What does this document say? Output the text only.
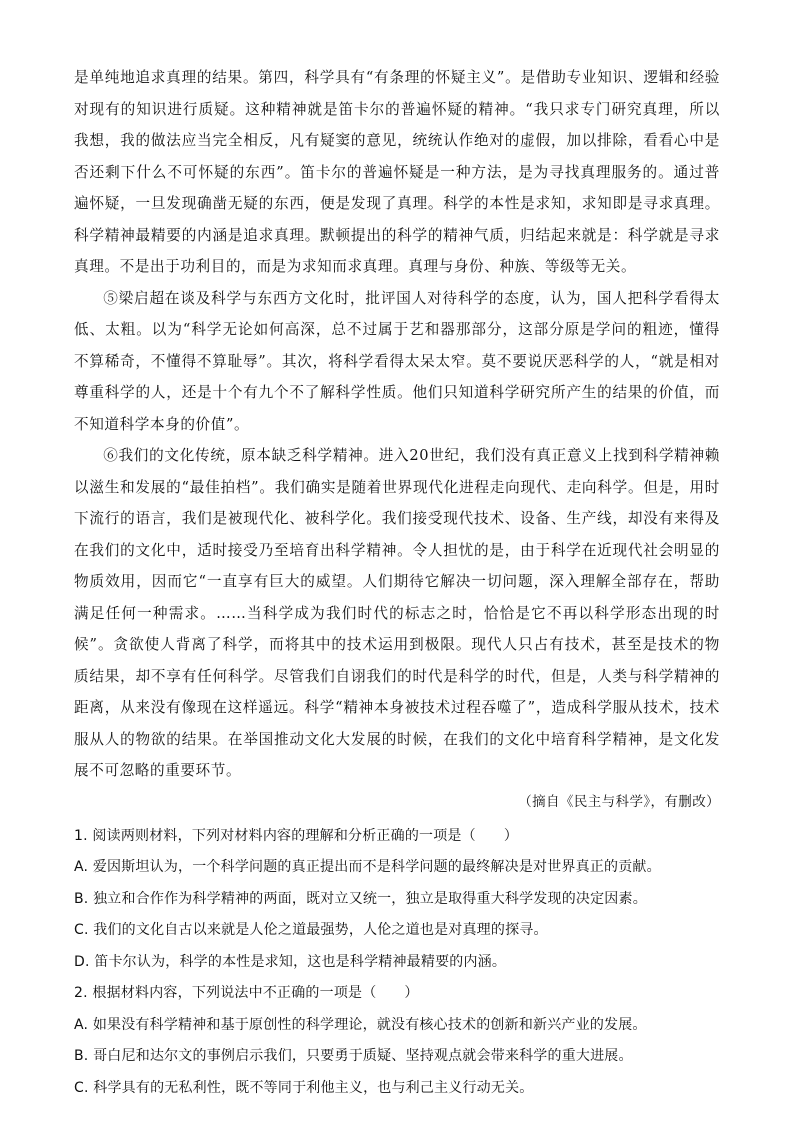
是单纯地追求真理的结果。第四，科学具有“有条理的怀疑主义”。是借助专业知识、逻辑和经验对现有的知识进行质疑。这种精神就是笛卡尔的普遍怀疑的精神。“我只求专门研究真理，所以我想，我的做法应当完全相反，凡有疑窦的意见，统统认作绝对的虚假，加以排除，看看心中是否还剩下什么不可怀疑的东西”。笛卡尔的普遍怀疑是一种方法，是为寻找真理服务的。通过普遍怀疑，一旦发现确凿无疑的东西，便是发现了真理。科学的本性是求知，求知即是寻求真理。科学精神最精要的内涵是追求真理。默顿提出的科学的精神气质，归结起来就是：科学就是寻求真理。不是出于功利目的，而是为求知而求真理。真理与身份、种族、等级等无关。

⑤梁启超在谈及科学与东西方文化时，批评国人对待科学的态度，认为，国人把科学看得太低、太粗。以为“科学无论如何高深，总不过属于艺和器那部分，这部分原是学问的粗迹，懂得不算稀奇，不懂得不算耻辱”。其次，将科学看得太呆太窄。莫不要说厌恶科学的人，“就是相对尊重科学的人，还是十个有九个不了解科学性质。他们只知道科学研究所产生的结果的价值，而不知道科学本身的价值”。

⑥我们的文化传统，原本缺乏科学精神。进入20世纪，我们没有真正意义上找到科学精神赖以滋生和发展的“最佳拍档”。我们确实是随着世界现代化进程走向现代、走向科学。但是，用时下流行的语言，我们是被现代化、被科学化。我们接受现代技术、设备、生产线，却没有来得及在我们的文化中，适时接受乃至培育出科学精神。令人担忧的是，由于科学在近现代社会明显的物质效用，因而它“一直享有巨大的威望。人们期待它解决一切问题，深入理解全部存在，帮助满足任何一种需求。……当科学成为我们时代的标志之时，恰恰是它不再以科学形态出现的时候”。贪欲使人背离了科学，而将其中的技术运用到极限。现代人只占有技术，甚至是技术的物质结果，却不享有任何科学。尽管我们自诩我们的时代是科学的时代，但是，人类与科学精神的距离，从来没有像现在这样遥远。科学“精神本身被技术过程吞噬了”，造成科学服从技术，技术服从人的物欲的结果。在举国推动文化大发展的时候，在我们的文化中培育科学精神，是文化发展不可忽略的重要环节。

（摘自《民主与科学》，有删改）

1. 阅读两则材料，下列对材料内容的理解和分析正确的一项是（ ）

A. 爱因斯坦认为，一个科学问题的真正提出而不是科学问题的最终解决是对世界真正的贡献。

B. 独立和合作作为科学精神的两面，既对立又统一，独立是取得重大科学发现的决定因素。

C. 我们的文化自古以来就是人伦之道最强势，人伦之道也是对真理的探寻。

D. 笛卡尔认为，科学的本性是求知，这也是科学精神最精要的内涵。

2. 根据材料内容，下列说法中不正确的一项是（ ）

A. 如果没有科学精神和基于原创性的科学理论，就没有核心技术的创新和新兴产业的发展。

B. 哥白尼和达尔文的事例启示我们，只要勇于质疑、坚持观点就会带来科学的重大进展。

C. 科学具有的无私利性，既不等同于利他主义，也与利己主义行动无关。
